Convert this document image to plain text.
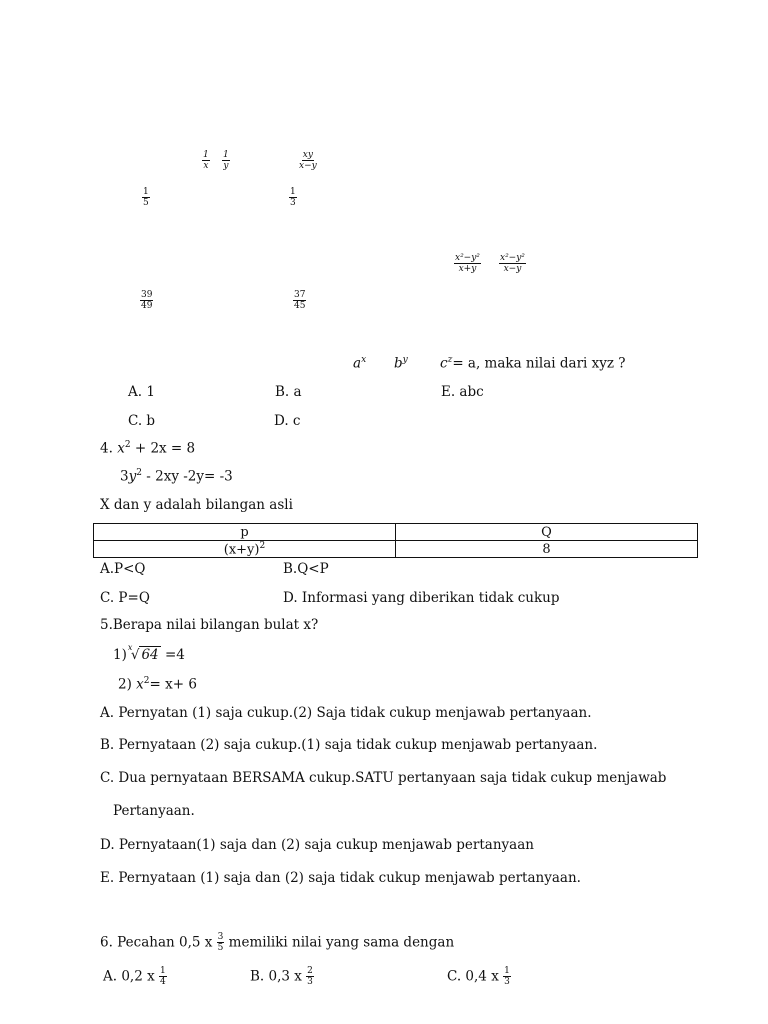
$\frac{1}{x} \frac{1}{y}$	$\frac{xy}{x-y}$
$\frac{1}{5}$	$\frac{1}{3}$
$\frac{\text{x²−y²}}{x+y} \frac{\text{x²−y²}}{x-y}$
$\frac{39}{49}$	$\frac{37}{45}$
$a^x$ $b^y$ $c^z= a$, maka nilai dari xyz ?
A. 1	B. a	E. abc
C. b	D. c
4. $x^2 + 2x = 8$
$3y^2 - 2xy$ -2y= -3
X dan y adalah bilangan asli
p	Q
$(x+y)^2$	8
A.P<Q	B.Q<P
C. P=Q	D. Informasi yang diberikan tidak cukup
5.Berapa nilai bilangan bulat x?
1) x
√ 64 =4
2) $x^2= x+ 6$
A. Pernyatan (1) saja cukup.(2) Saja tidak cukup menjawab pertanyaan.
B. Pernyataan (2) saja cukup.(1) saja tidak cukup menjawab pertanyaan.
C. Dua pernyataan BERSAMA cukup.SATU pertanyaan saja tidak cukup menjawab
Pertanyaan.
D. Pernyataan(1) saja dan (2) saja cukup menjawab pertanyaan
E. Pernyataan (1) saja dan (2) saja tidak cukup menjawab pertanyaan.
6. Pecahan 0,5 x $\frac{3}{5}$ memiliki nilai yang sama dengan
A. 0,2 x $\frac{1}{4}$	B. 0,3 x $\frac{2}{3}$	C. 0,4 x $\frac{1}{3}$
